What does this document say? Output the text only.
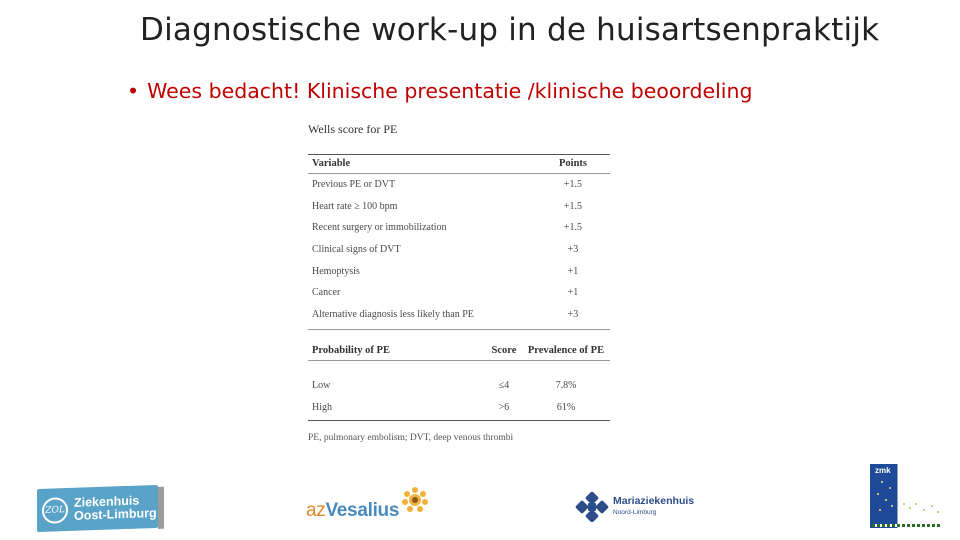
Diagnostische work-up in de huisartsenpraktijk
• Wees bedacht! Klinische presentatie /klinische beoordeling
Wells score for PE
Variable	Points
Previous PE or DVT	+1.5
Heart rate ≥ 100 bpm	+1.5
Recent surgery or immobilization	+1.5
Clinical signs of DVT	+3
Hemoptysis	+1
Cancer	+1
Alternative diagnosis less likely than PE	+3
Probability of PE	Score	Prevalence of PE
Low	≤4	7.8%
High	>6	61%
PE, pulmonary embolism; DVT, deep venous thrombi
ZOL
Ziekenhuis
Oost-Limburg	azVesalius	Mariaziekenhuis
Noord-Limburg
zmk
